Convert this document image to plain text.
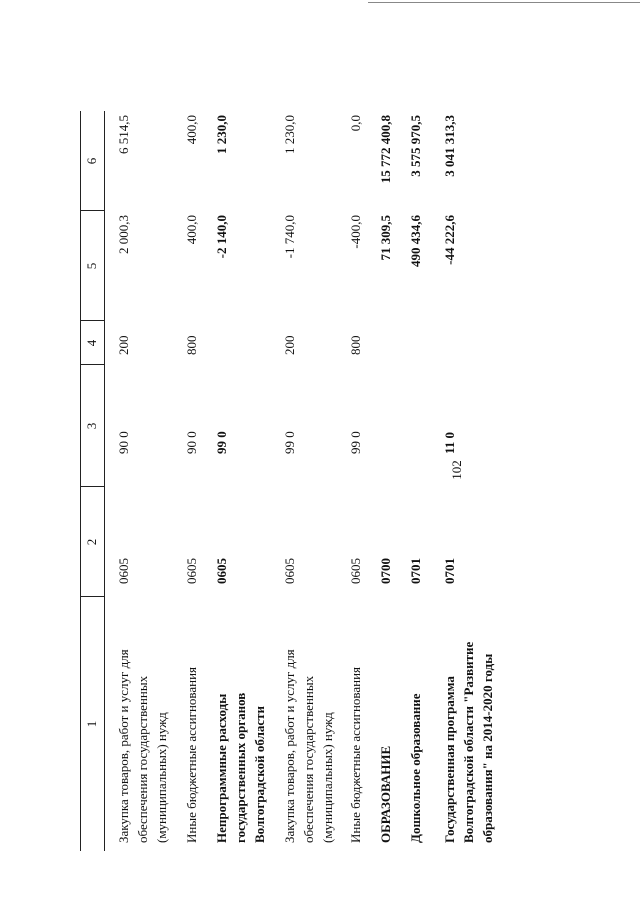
102
1
2
3
4
5
6
Закупка товаров, работ и услуг для обеспечения государственных (муниципальных) нужд
0605
90 0
200
2 000,3
6 514,5
Иные бюджетные ассигнования
0605
90 0
800
400,0
400,0
Непрограммные расходы государственных органов Волгоградской области
0605
99 0
-2 140,0
1 230,0
Закупка товаров, работ и услуг для обеспечения государственных (муниципальных) нужд
0605
99 0
200
-1 740,0
1 230,0
Иные бюджетные ассигнования
0605
99 0
800
-400,0
0,0
ОБРАЗОВАНИЕ
0700
71 309,5
15 772 400,8
Дошкольное образование
0701
490 434,6
3 575 970,5
Государственная программа Волгоградской области "Развитие образования" на 2014-2020 годы
0701
11 0
-44 222,6
3 041 313,3
